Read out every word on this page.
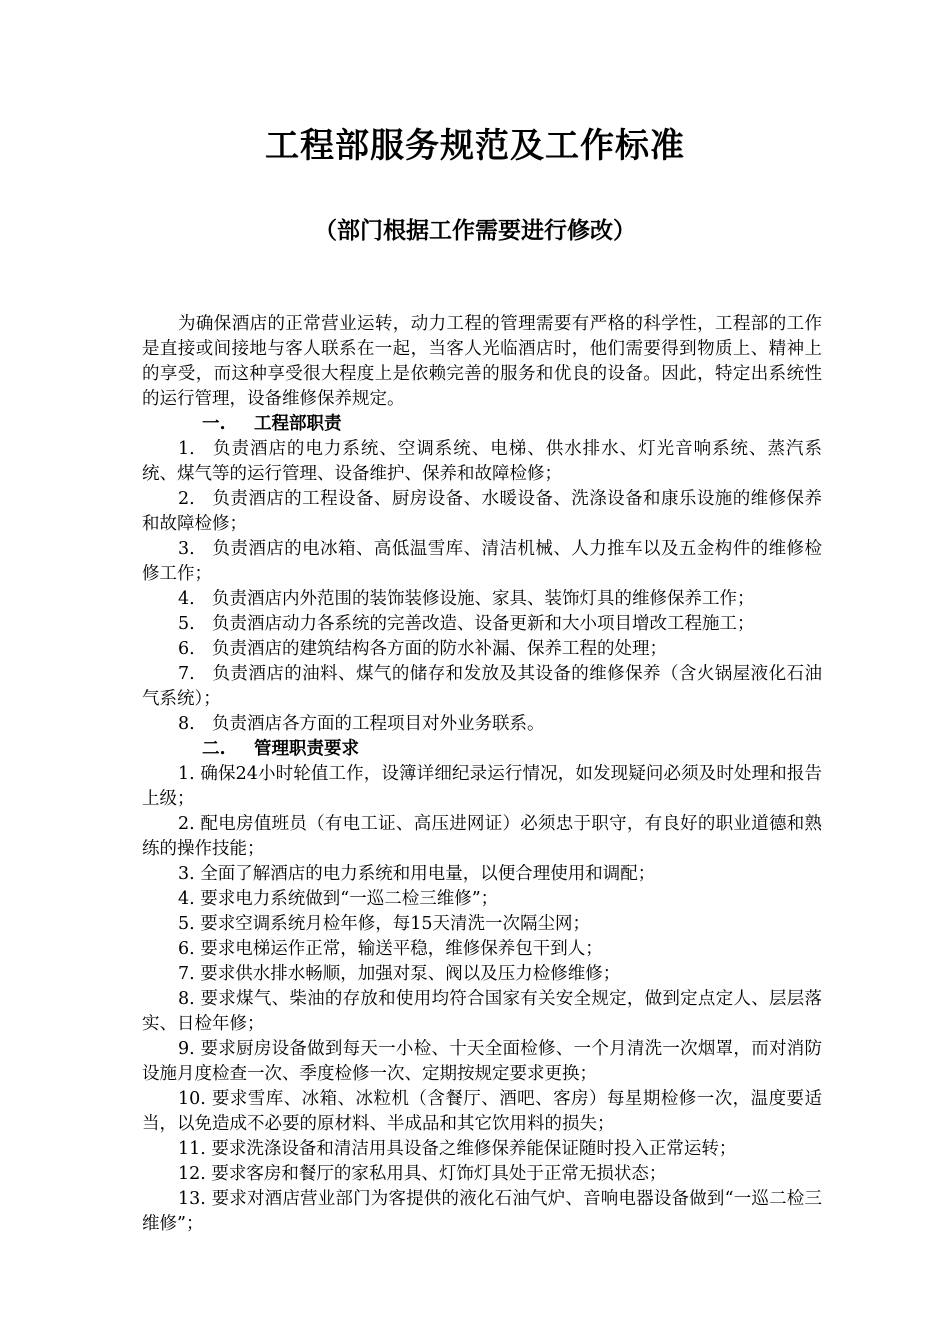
工程部服务规范及工作标准
（部门根据工作需要进行修改）

为确保酒店的正常营业运转，动力工程的管理需要有严格的科学性，工程部的工作是直接或间接地与客人联系在一起，当客人光临酒店时，他们需要得到物质上、精神上的享受，而这种享受很大程度上是依赖完善的服务和优良的设备。因此，特定出系统性的运行管理，设备维修保养规定。

一. 工程部职责

1. 负责酒店的电力系统、空调系统、电梯、供水排水、灯光音响系统、蒸汽系统、煤气等的运行管理、设备维护、保养和故障检修；

2. 负责酒店的工程设备、厨房设备、水暖设备、洗涤设备和康乐设施的维修保养和故障检修；

3. 负责酒店的电冰箱、高低温雪库、清洁机械、人力推车以及五金构件的维修检修工作；

4. 负责酒店内外范围的装饰装修设施、家具、装饰灯具的维修保养工作；

5. 负责酒店动力各系统的完善改造、设备更新和大小项目增改工程施工；

6. 负责酒店的建筑结构各方面的防水补漏、保养工程的处理；

7. 负责酒店的油料、煤气的储存和发放及其设备的维修保养（含火锅屋液化石油气系统）；

8. 负责酒店各方面的工程项目对外业务联系。

二. 管理职责要求

1. 确保24小时轮值工作，设簿详细纪录运行情况，如发现疑问必须及时处理和报告上级；

2. 配电房值班员（有电工证、高压进网证）必须忠于职守，有良好的职业道德和熟练的操作技能；

3. 全面了解酒店的电力系统和用电量，以便合理使用和调配；

4. 要求电力系统做到“一巡二检三维修”；

5. 要求空调系统月检年修，每15天清洗一次隔尘网；

6. 要求电梯运作正常，输送平稳，维修保养包干到人；

7. 要求供水排水畅顺，加强对泵、阀以及压力检修维修；

8. 要求煤气、柴油的存放和使用均符合国家有关安全规定，做到定点定人、层层落实、日检年修；

9. 要求厨房设备做到每天一小检、十天全面检修、一个月清洗一次烟罩，而对消防设施月度检查一次、季度检修一次、定期按规定要求更换；

10. 要求雪库、冰箱、冰粒机（含餐厅、酒吧、客房）每星期检修一次，温度要适当，以免造成不必要的原材料、半成品和其它饮用料的损失；

11. 要求洗涤设备和清洁用具设备之维修保养能保证随时投入正常运转；

12. 要求客房和餐厅的家私用具、灯饰灯具处于正常无损状态；

13. 要求对酒店营业部门为客提供的液化石油气炉、音响电器设备做到“一巡二检三维修”；
